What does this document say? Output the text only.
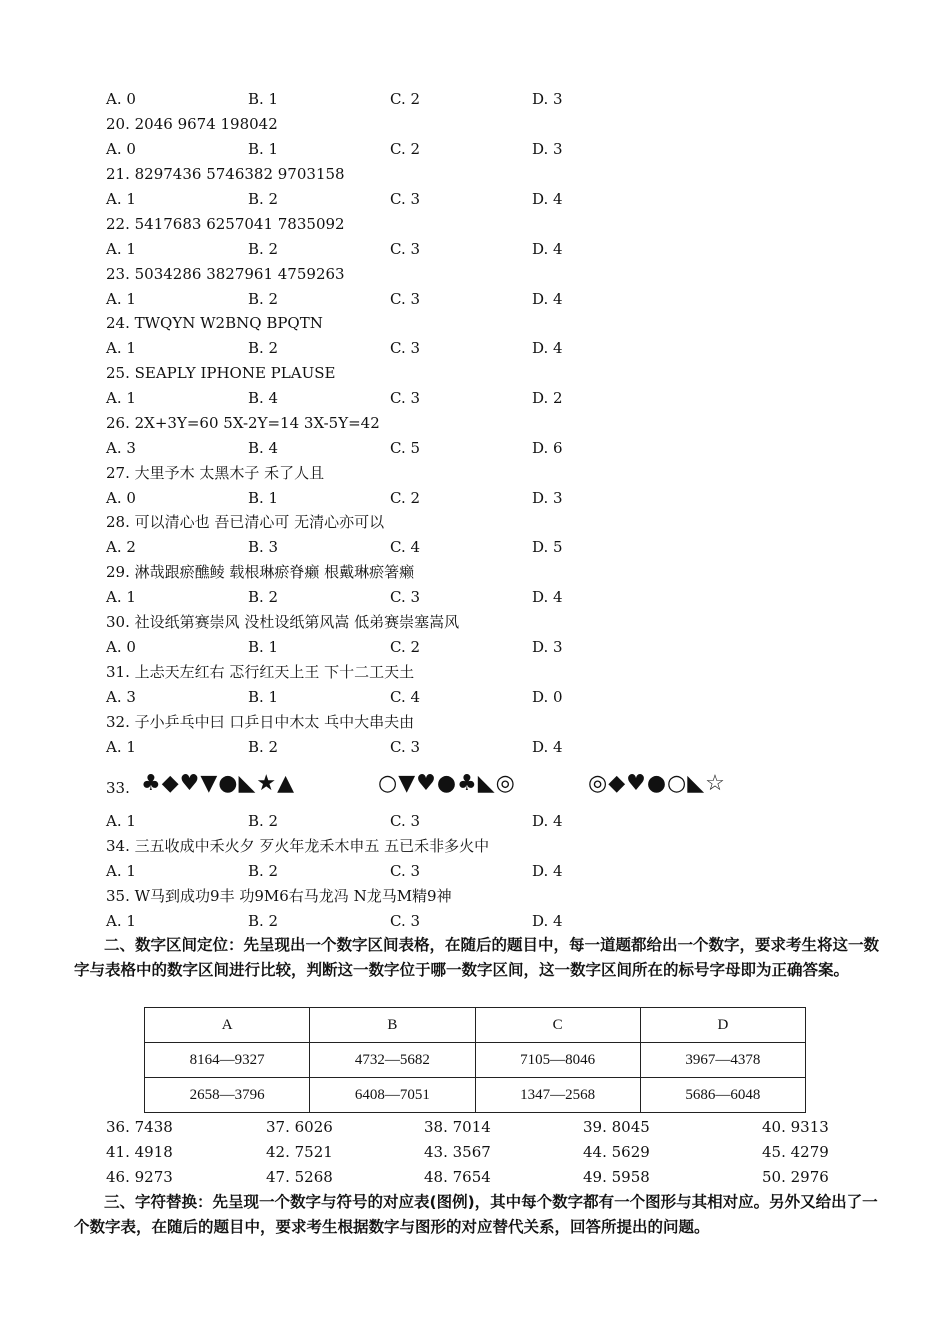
A. 0	B. 1	C. 2	D. 3
20. 2046 9674 198042
A. 0	B. 1	C. 2	D. 3
21. 8297436 5746382 9703158
A. 1	B. 2	C. 3	D. 4
22. 5417683 6257041 7835092
A. 1	B. 2	C. 3	D. 4
23. 5034286 3827961 4759263
A. 1	B. 2	C. 3	D. 4
24. TWQYN W2BNQ BPQTN
A. 1	B. 2	C. 3	D. 4
25. SEAPLY IPHONE PLAUSE
A. 1	B. 4	C. 3	D. 2
26. 2X+3Y=60 5X-2Y=14 3X-5Y=42
A. 3	B. 4	C. 5	D. 6
27. 大里予木 太黑木子 禾了人且
A. 0	B. 1	C. 2	D. 3
28. 可以清心也 吾已清心可 无清心亦可以
A. 2	B. 3	C. 4	D. 5
29. 淋哉跟瘀醮鲮 载根琳瘀脊癞 根戴琳瘀箸癞
A. 1	B. 2	C. 3	D. 4
30. 社设纸第赛崇风 没杜设纸第风嵩 低弟赛崇塞嵩风
A. 0	B. 1	C. 2	D. 3
31. 上忐天左红右 忑行红天上王 下十二工天土
A. 3	B. 1	C. 4	D. 0
32. 子小乒乓中曰 口乒日中木太 乓中大串夫由
A. 1	B. 2	C. 3	D. 4
33. ♣◆♥▼●◣★▲	○▼♥●♣◣◎	◎◆♥●○◣☆
A. 1	B. 2	C. 3	D. 4
34. 三五收成中禾火夕 歹火年龙禾木申五 五已禾非多火中
A. 1	B. 2	C. 3	D. 4
35. W马到成功9丰 功9M6右马龙冯 N龙马M精9神
A. 1	B. 2	C. 3	D. 4
二、数字区间定位：先呈现出一个数字区间表格，在随后的题目中，每一道题都给出一个数字，要求考生将这一数字与表格中的数字区间进行比较，判断这一数字位于哪一数字区间，这一数字区间所在的标号字母即为正确答案。
A	B	C	D
8164—9327	4732—5682	7105—8046	3967—4378
2658—3796	6408—7051	1347—2568	5686—6048
36. 7438	37. 6026	38. 7014	39. 8045	40. 9313
41. 4918	42. 7521	43. 3567	44. 5629	45. 4279
46. 9273	47. 5268	48. 7654	49. 5958	50. 2976
三、字符替换：先呈现一个数字与符号的对应表(图例)，其中每个数字都有一个图形与其相对应。另外又给出了一个数字表，在随后的题目中，要求考生根据数字与图形的对应替代关系，回答所提出的问题。
